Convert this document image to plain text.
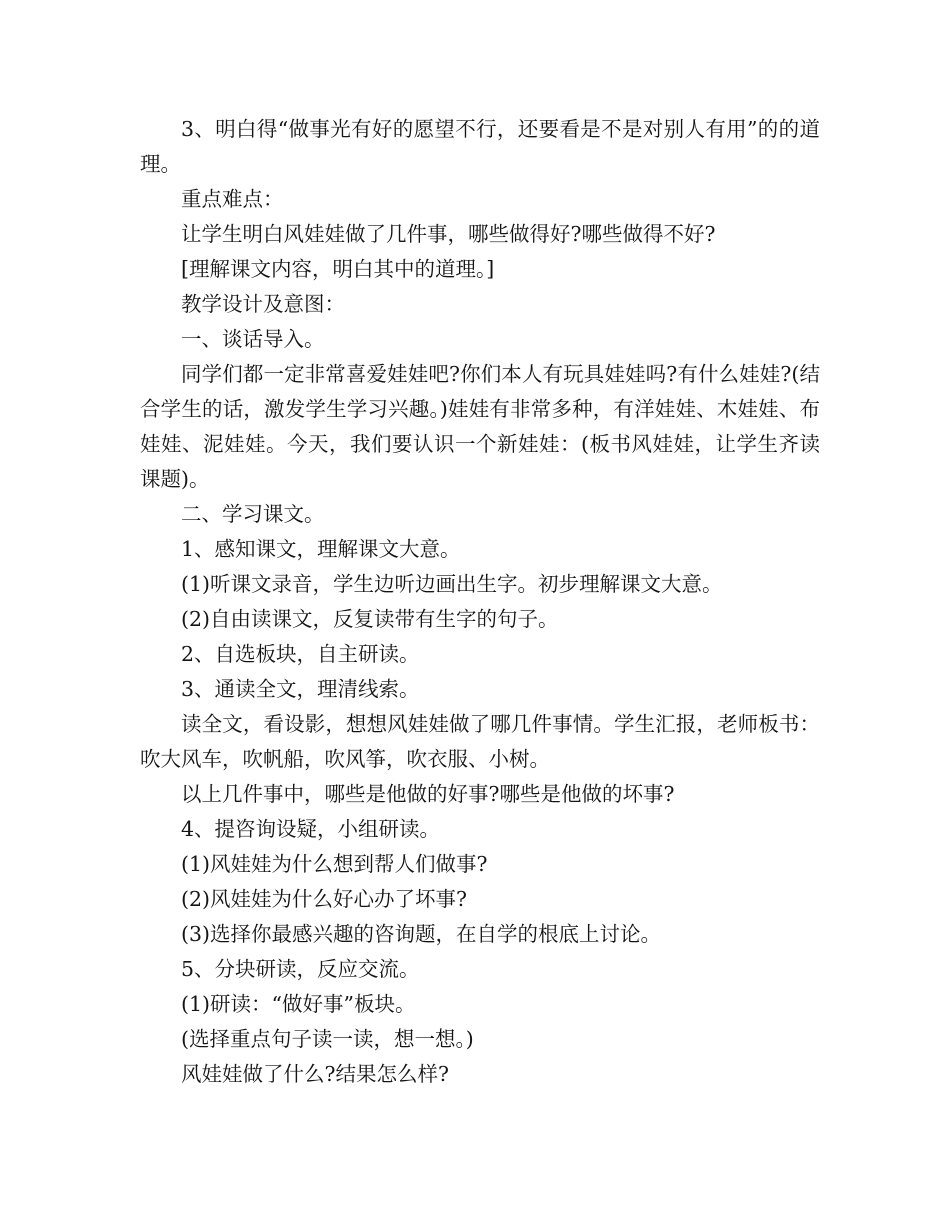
3、明白得“做事光有好的愿望不行，还要看是不是对别人有用”的的道理。

重点难点：

让学生明白风娃娃做了几件事，哪些做得好?哪些做得不好?

[理解课文内容，明白其中的道理。]

教学设计及意图：

一、谈话导入。

同学们都一定非常喜爱娃娃吧?你们本人有玩具娃娃吗?有什么娃娃?(结合学生的话，激发学生学习兴趣。)娃娃有非常多种，有洋娃娃、木娃娃、布娃娃、泥娃娃。今天，我们要认识一个新娃娃：(板书风娃娃，让学生齐读课题)。

二、学习课文。

1、感知课文，理解课文大意。

(1)听课文录音，学生边听边画出生字。初步理解课文大意。

(2)自由读课文，反复读带有生字的句子。

2、自选板块，自主研读。

3、通读全文，理清线索。

读全文，看设影，想想风娃娃做了哪几件事情。学生汇报，老师板书：吹大风车，吹帆船，吹风筝，吹衣服、小树。

以上几件事中，哪些是他做的好事?哪些是他做的坏事?

4、提咨询设疑，小组研读。

(1)风娃娃为什么想到帮人们做事?

(2)风娃娃为什么好心办了坏事?

(3)选择你最感兴趣的咨询题，在自学的根底上讨论。

5、分块研读，反应交流。

(1)研读：“做好事”板块。

(选择重点句子读一读，想一想。)

风娃娃做了什么?结果怎么样?
